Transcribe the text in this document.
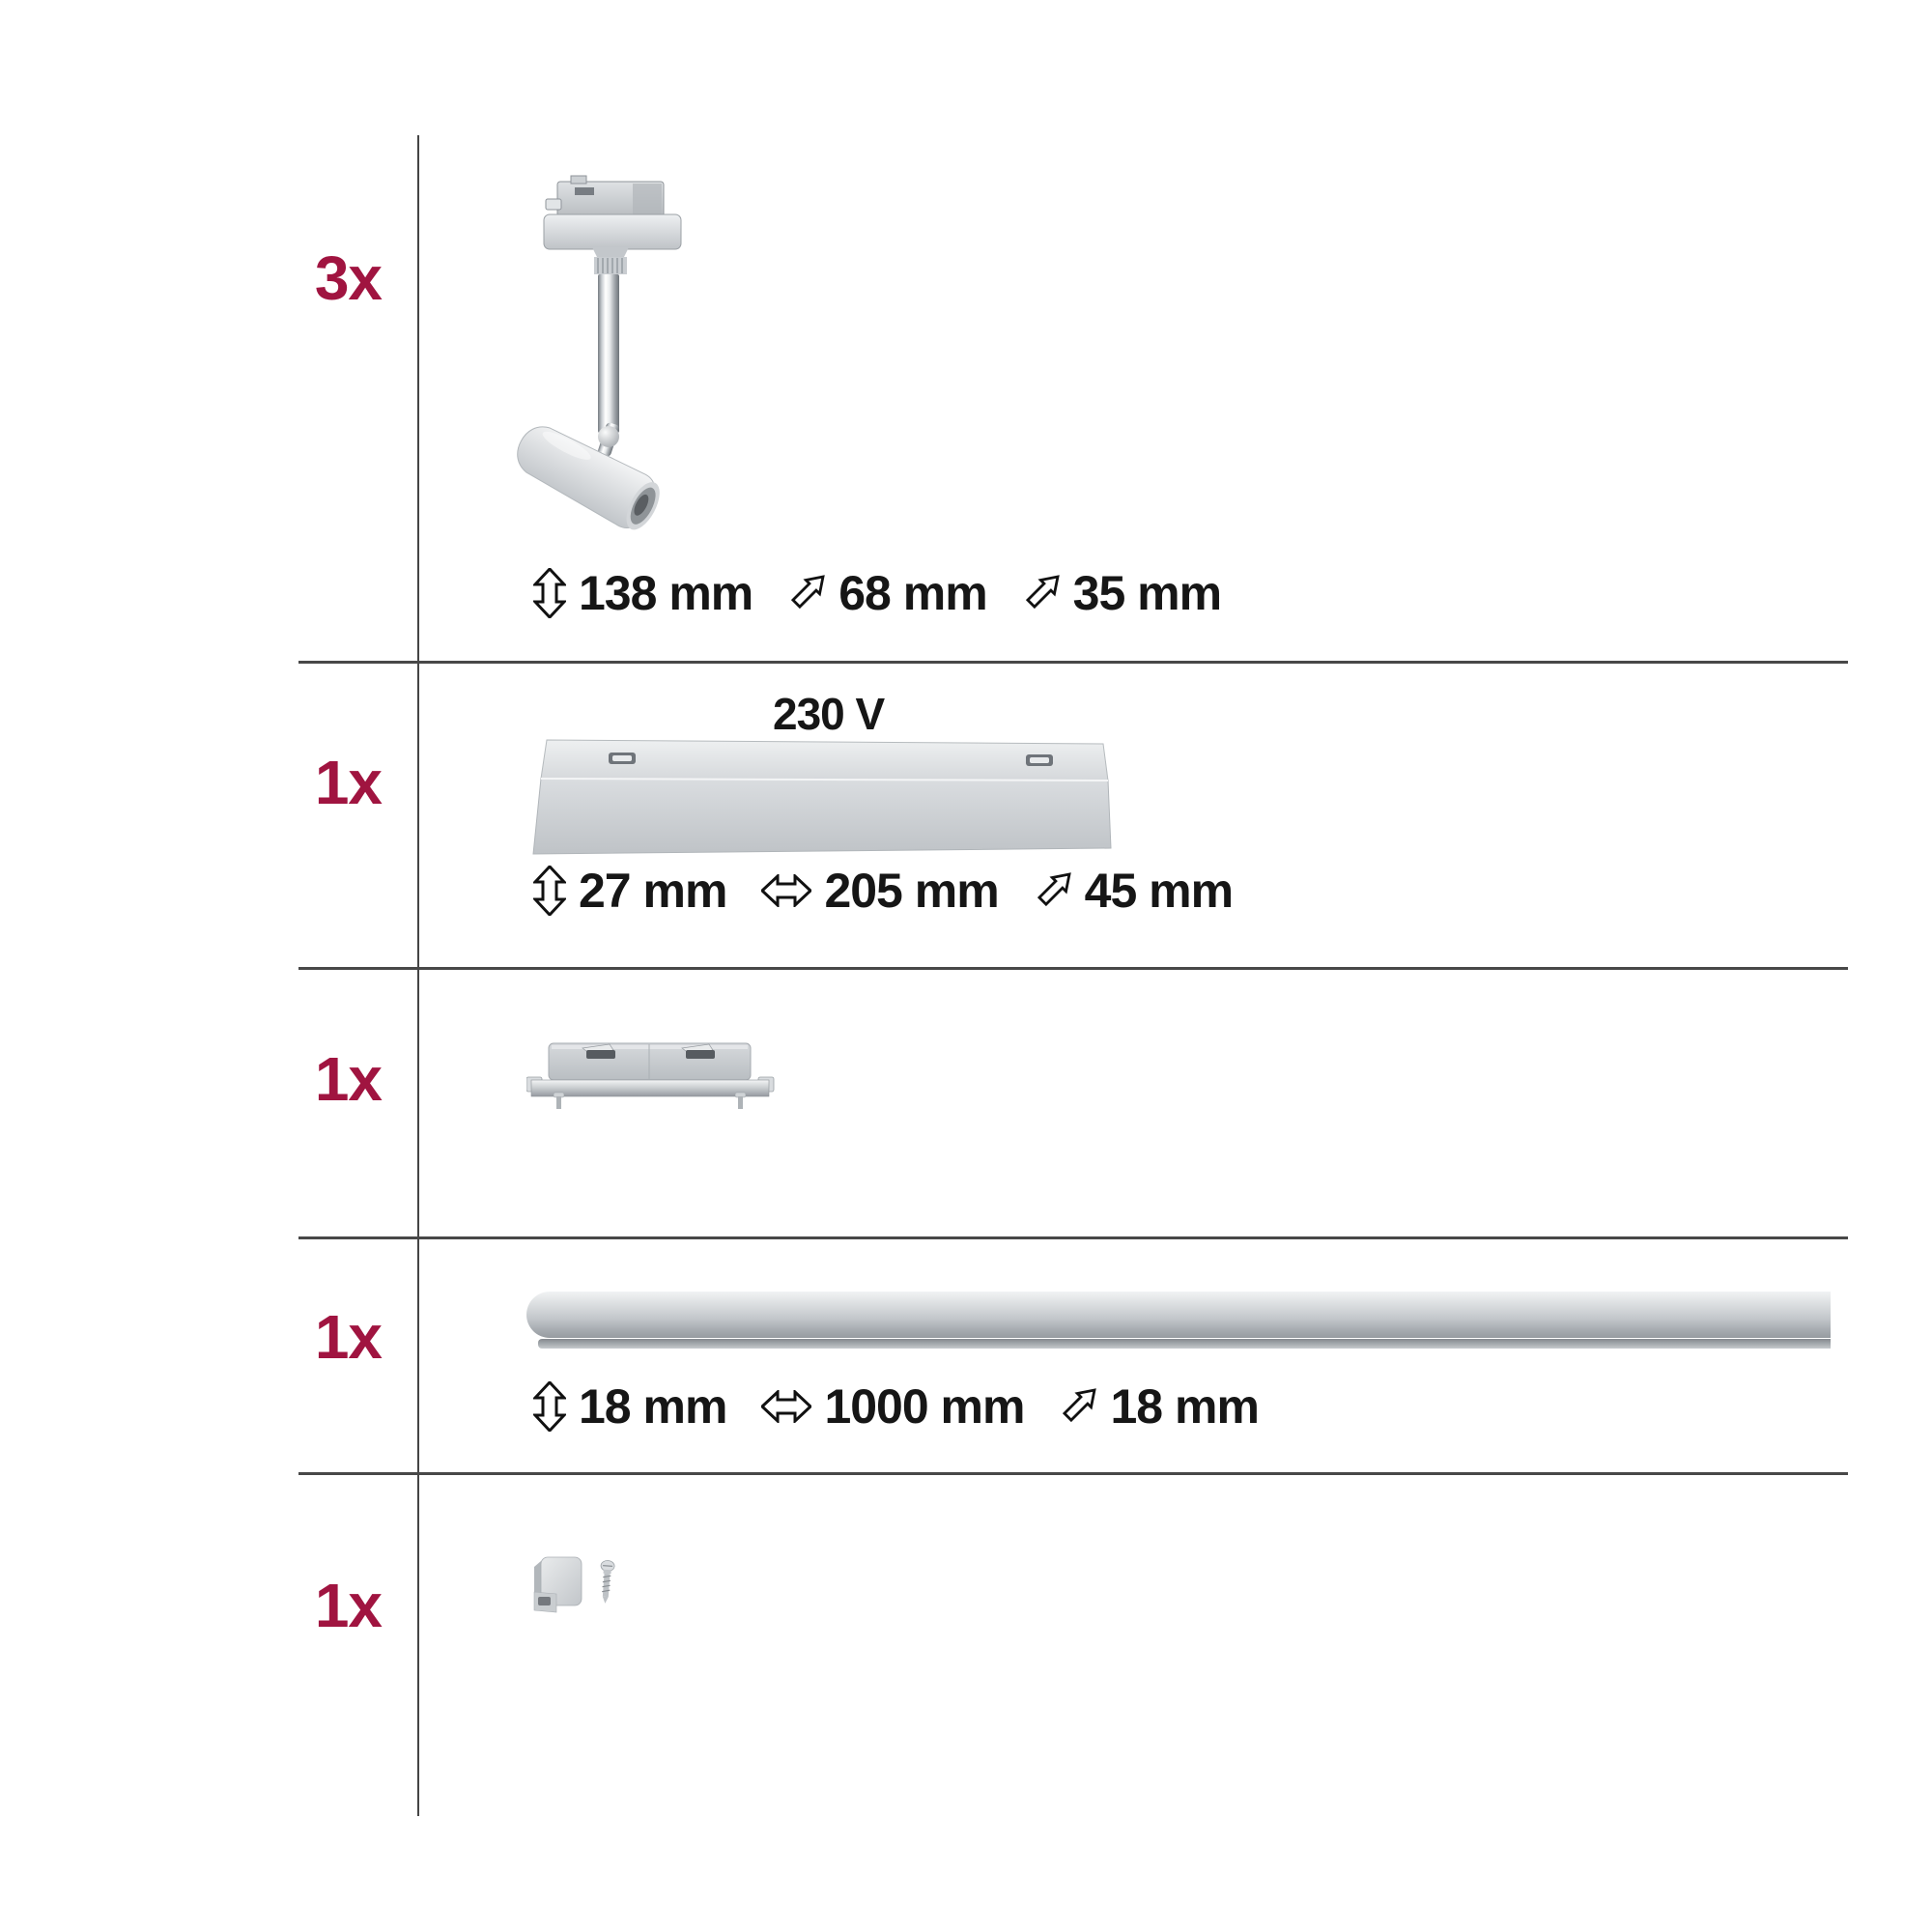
3x
138 mm 68 mm 35 mm
1x
230 V
27 mm 205 mm 45 mm
1x
1x
18 mm 1000 mm 18 mm
1x
